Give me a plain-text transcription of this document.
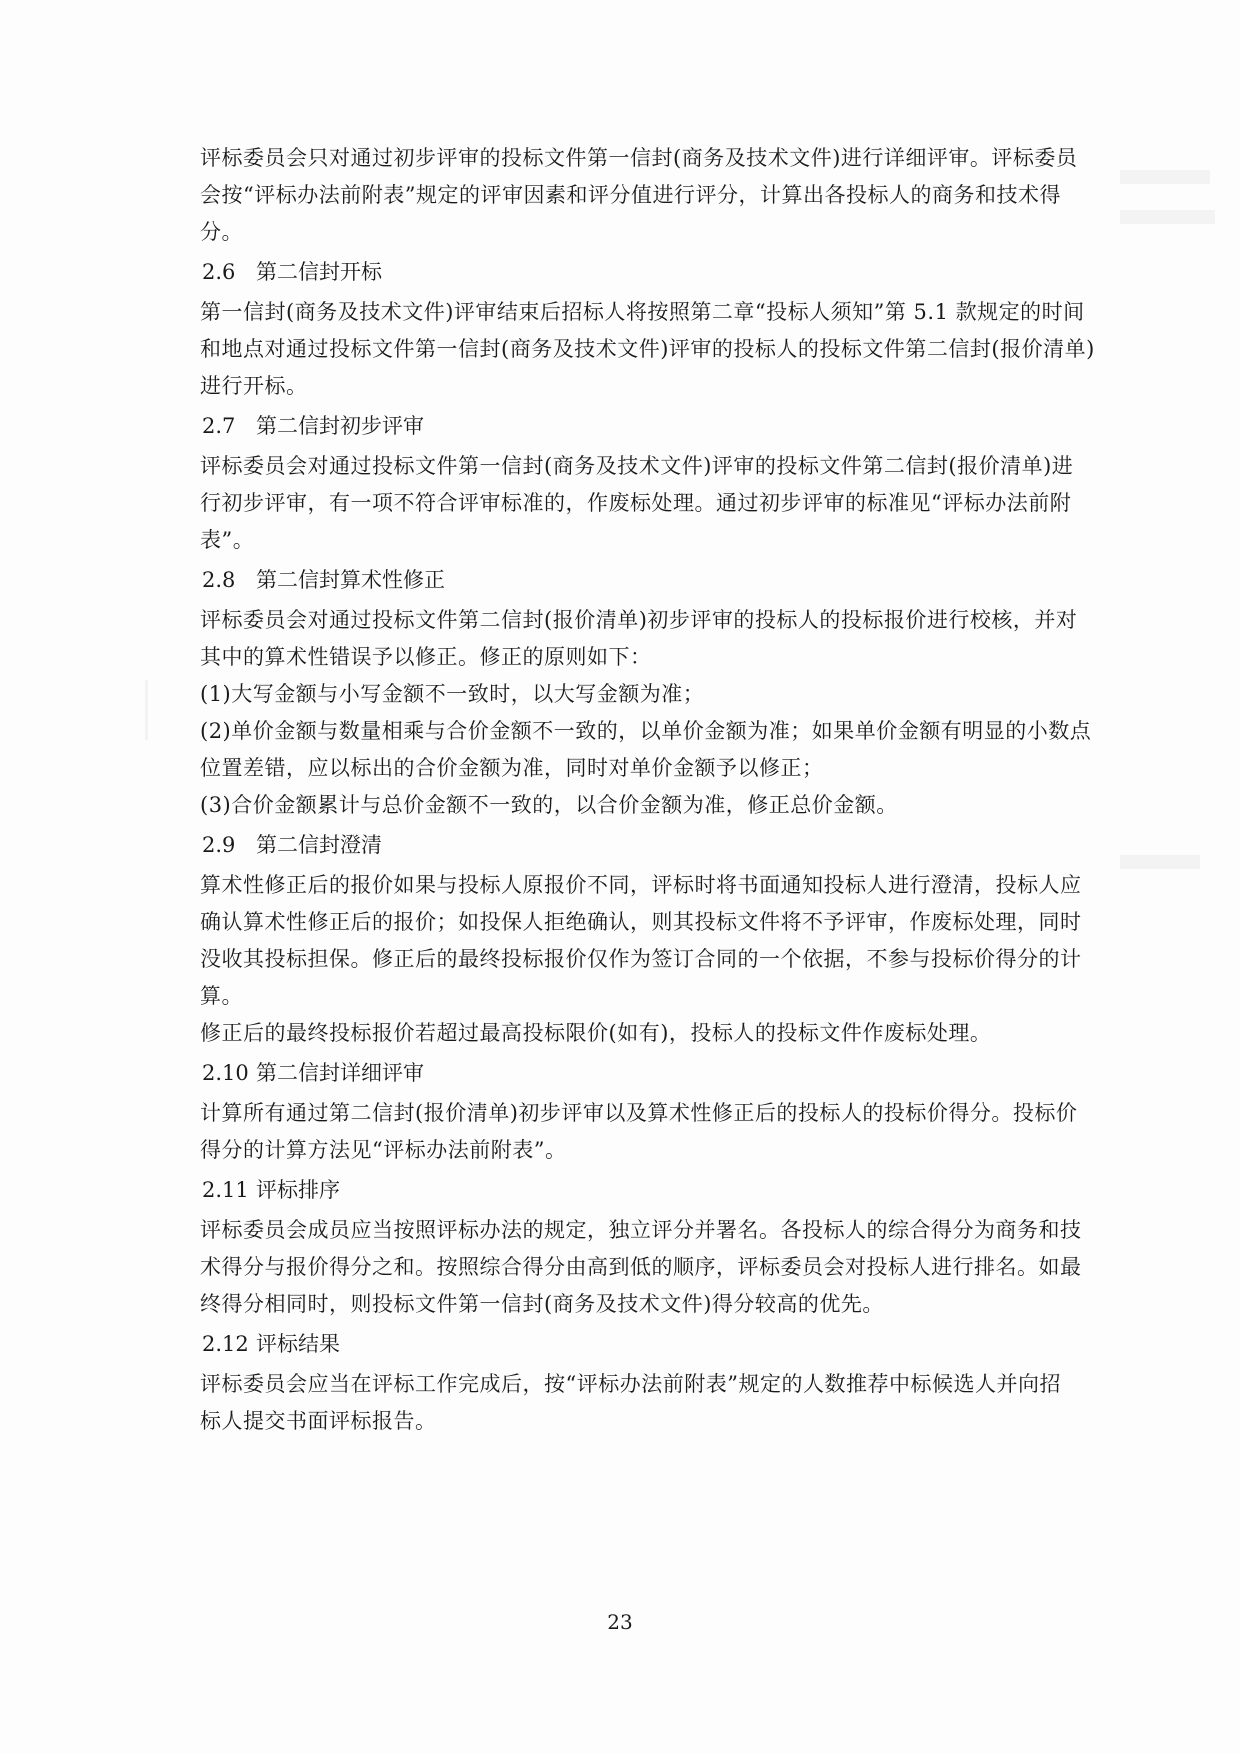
评标委员会只对通过初步评审的投标文件第一信封(商务及技术文件)进行详细评审。评标委员
会按“评标办法前附表”规定的评审因素和评分值进行评分，计算出各投标人的商务和技术得
分。
2.6 第二信封开标
第一信封(商务及技术文件)评审结束后招标人将按照第二章“投标人须知”第 5.1 款规定的时间
和地点对通过投标文件第一信封(商务及技术文件)评审的投标人的投标文件第二信封(报价清单)
进行开标。
2.7 第二信封初步评审
评标委员会对通过投标文件第一信封(商务及技术文件)评审的投标文件第二信封(报价清单)进
行初步评审，有一项不符合评审标准的，作废标处理。通过初步评审的标准见“评标办法前附
表”。
2.8 第二信封算术性修正
评标委员会对通过投标文件第二信封(报价清单)初步评审的投标人的投标报价进行校核，并对
其中的算术性错误予以修正。修正的原则如下：
(1)大写金额与小写金额不一致时，以大写金额为准；
(2)单价金额与数量相乘与合价金额不一致的，以单价金额为准；如果单价金额有明显的小数点
位置差错，应以标出的合价金额为准，同时对单价金额予以修正；
(3)合价金额累计与总价金额不一致的，以合价金额为准，修正总价金额。
2.9 第二信封澄清
算术性修正后的报价如果与投标人原报价不同，评标时将书面通知投标人进行澄清，投标人应
确认算术性修正后的报价；如投保人拒绝确认，则其投标文件将不予评审，作废标处理，同时
没收其投标担保。修正后的最终投标报价仅作为签订合同的一个依据，不参与投标价得分的计
算。
修正后的最终投标报价若超过最高投标限价(如有)，投标人的投标文件作废标处理。
2.10 第二信封详细评审
计算所有通过第二信封(报价清单)初步评审以及算术性修正后的投标人的投标价得分。投标价
得分的计算方法见“评标办法前附表”。
2.11 评标排序
评标委员会成员应当按照评标办法的规定，独立评分并署名。各投标人的综合得分为商务和技
术得分与报价得分之和。按照综合得分由高到低的顺序，评标委员会对投标人进行排名。如最
终得分相同时，则投标文件第一信封(商务及技术文件)得分较高的优先。
2.12 评标结果
评标委员会应当在评标工作完成后，按“评标办法前附表”规定的人数推荐中标候选人并向招
标人提交书面评标报告。
23
